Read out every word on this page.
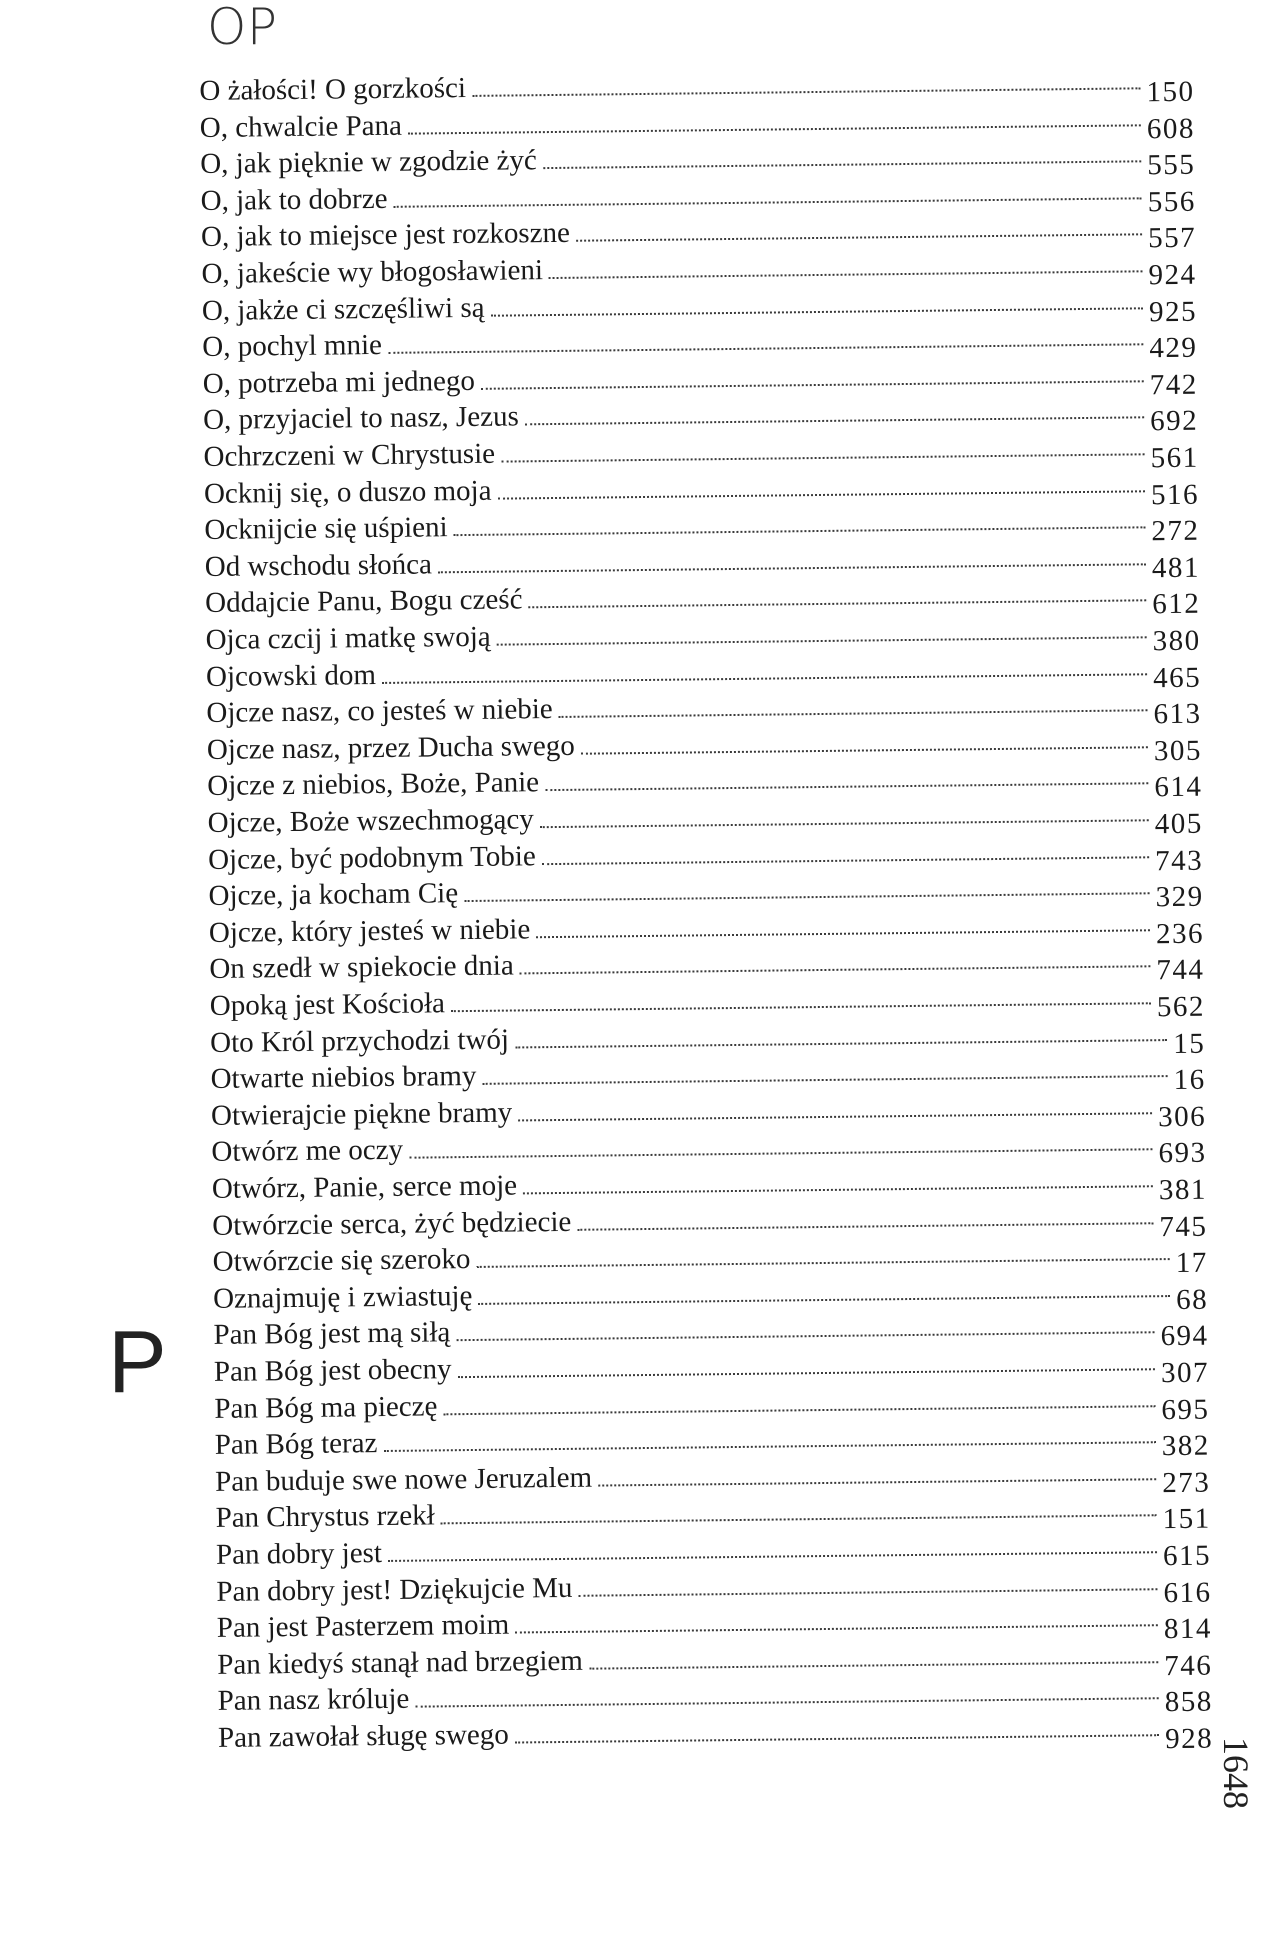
OP
O żałości! O gorzkości	150
O, chwalcie Pana	608
O, jak pięknie w zgodzie żyć	555
O, jak to dobrze	556
O, jak to miejsce jest rozkoszne	557
O, jakeście wy błogosławieni	924
O, jakże ci szczęśliwi są	925
O, pochyl mnie	429
O, potrzeba mi jednego	742
O, przyjaciel to nasz, Jezus	692
Ochrzczeni w Chrystusie	561
Ocknij się, o duszo moja	516
Ocknijcie się uśpieni	272
Od wschodu słońca	481
Oddajcie Panu, Bogu cześć	612
Ojca czcij i matkę swoją	380
Ojcowski dom	465
Ojcze nasz, co jesteś w niebie	613
Ojcze nasz, przez Ducha swego	305
Ojcze z niebios, Boże, Panie	614
Ojcze, Boże wszechmogący	405
Ojcze, być podobnym Tobie	743
Ojcze, ja kocham Cię	329
Ojcze, który jesteś w niebie	236
On szedł w spiekocie dnia	744
Opoką jest Kościoła	562
Oto Król przychodzi twój	15
Otwarte niebios bramy	16
Otwierajcie piękne bramy	306
Otwórz me oczy	693
Otwórz, Panie, serce moje	381
Otwórzcie serca, żyć będziecie	745
Otwórzcie się szeroko	17
Oznajmuję i zwiastuję	68
Pan Bóg jest mą siłą	694
Pan Bóg jest obecny	307
Pan Bóg ma pieczę	695
Pan Bóg teraz	382
Pan buduje swe nowe Jeruzalem	273
Pan Chrystus rzekł	151
Pan dobry jest	615
Pan dobry jest! Dziękujcie Mu	616
Pan jest Pasterzem moim	814
Pan kiedyś stanął nad brzegiem	746
Pan nasz króluje	858
Pan zawołał sługę swego	928
P
1648
